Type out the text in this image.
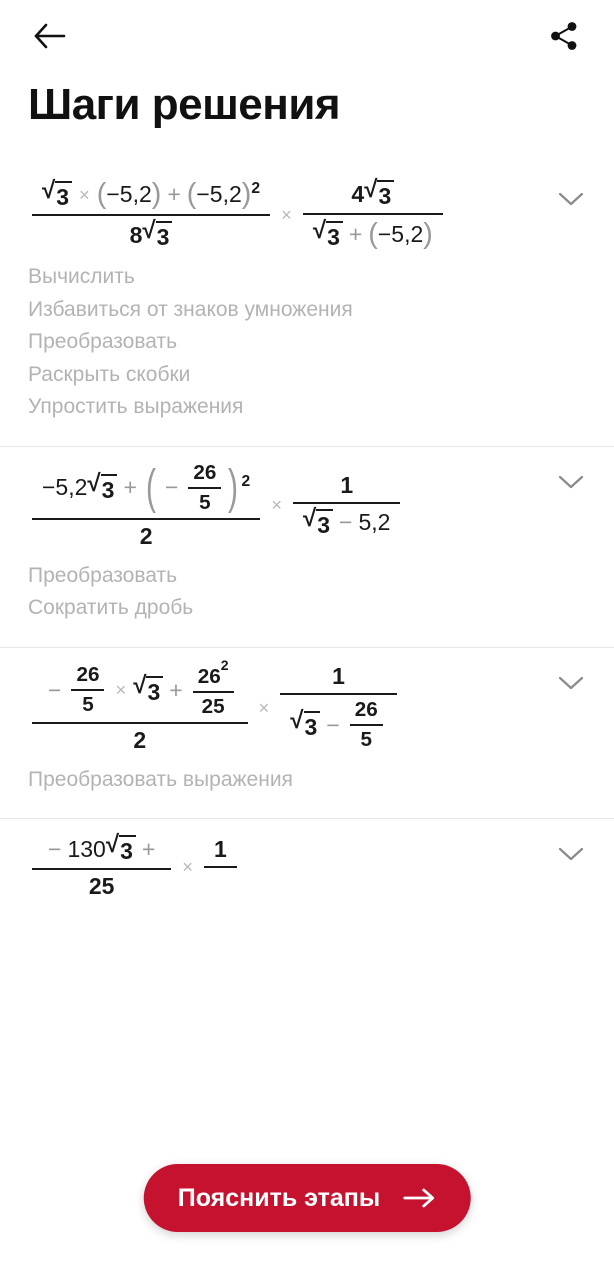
Шаги решения
√ 3 × ( −5,2 ) + ( −5,2 ) 2
8 √ 3
× $\frac{4 √ 3}{√ 3 + ( -5,2 )}$
Вычислить
Избавиться от знаков умножения
Преобразовать
Раскрыть скобки
Упростить выражения
−5,2 √ 3 + ( − $\frac{26}{5}$ ) 2
2
× $\frac{1}{√ 3 - 5,2}$
Преобразовать
Сократить дробь
− $\frac{26}{5}$ × √ $3 + \frac{26^2}{25}$
2
×
1
√ $3 - \frac{26}{5}$
Преобразовать выражения
− 130 √ 3 +
25
×
1

Пояснить этапы
